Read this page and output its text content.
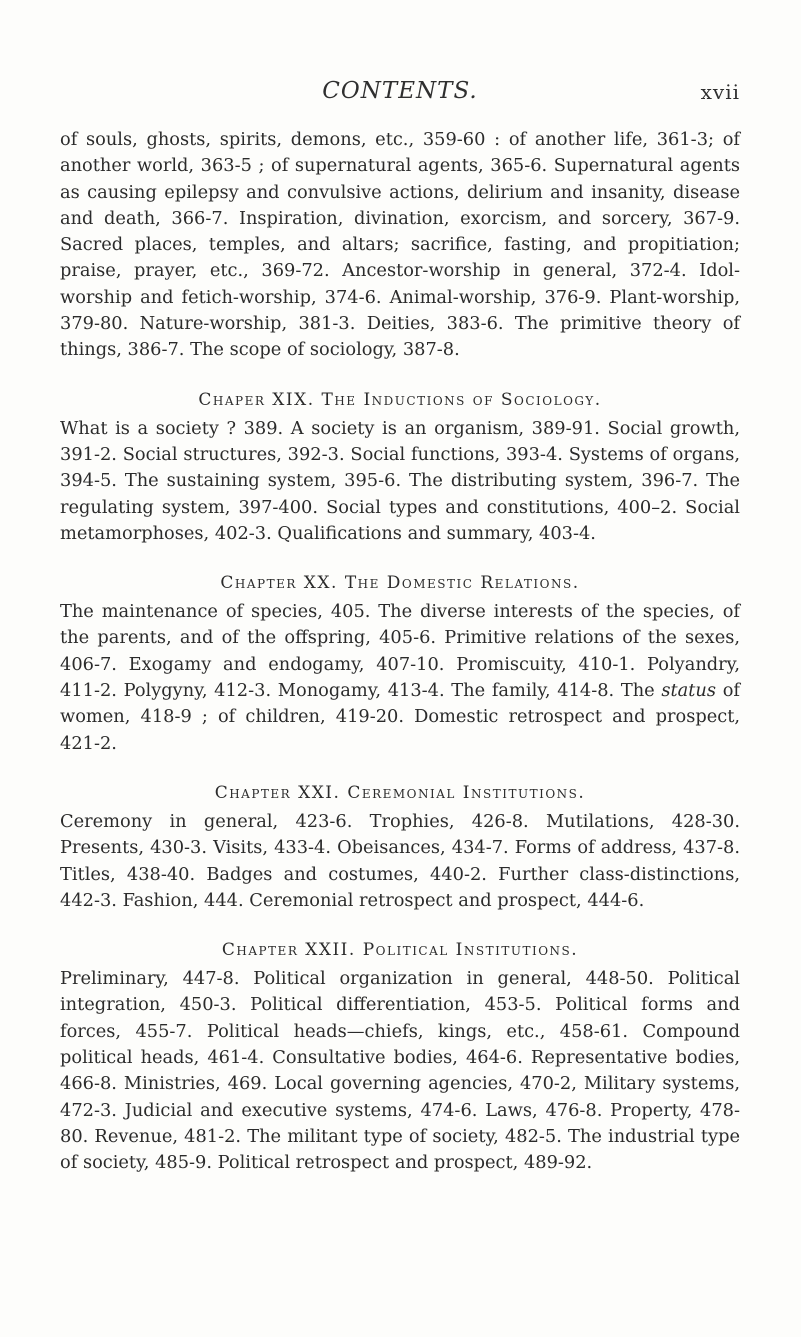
CONTENTS.	xvii

of souls, ghosts, spirits, demons, etc., 359-60 : of another life, 361-3; of another world, 363-5 ; of supernatural agents, 365-6. Supernatural agents as causing epilepsy and convulsive actions, delirium and insanity, disease and death, 366-7. Inspiration, divination, exorcism, and sorcery, 367-9. Sacred places, temples, and altars; sacrifice, fasting, and propitiation; praise, prayer, etc., 369-72. Ancestor-worship in general, 372-4. Idol-worship and fetich-worship, 374-6. Animal-worship, 376-9. Plant-worship, 379-80. Nature-worship, 381-3. Deities, 383-6. The primitive theory of things, 386-7. The scope of sociology, 387-8.

Chaper XIX. The Inductions of Sociology.

What is a society ? 389. A society is an organism, 389-91. Social growth, 391-2. Social structures, 392-3. Social functions, 393-4. Systems of organs, 394-5. The sustaining system, 395-6. The distributing system, 396-7. The regulating system, 397-400. Social types and constitutions, 400–2. Social metamorphoses, 402-3. Qualifications and summary, 403-4.

Chapter XX. The Domestic Relations.

The maintenance of species, 405. The diverse interests of the species, of the parents, and of the offspring, 405-6. Primitive relations of the sexes, 406-7. Exogamy and endogamy, 407-10. Promiscuity, 410-1. Polyandry, 411-2. Polygyny, 412-3. Monogamy, 413-4. The family, 414-8. The status of women, 418-9 ; of children, 419-20. Domestic retrospect and prospect, 421-2.

Chapter XXI. Ceremonial Institutions.

Ceremony in general, 423-6. Trophies, 426-8. Mutilations, 428-30. Presents, 430-3. Visits, 433-4. Obeisances, 434-7. Forms of address, 437-8. Titles, 438-40. Badges and costumes, 440-2. Further class-distinctions, 442-3. Fashion, 444. Ceremonial retrospect and prospect, 444-6.

Chapter XXII. Political Institutions.

Preliminary, 447-8. Political organization in general, 448-50. Political integration, 450-3. Political differentiation, 453-5. Political forms and forces, 455-7. Political heads—chiefs, kings, etc., 458-61. Compound political heads, 461-4. Consultative bodies, 464-6. Representative bodies, 466-8. Ministries, 469. Local governing agencies, 470-2, Military systems, 472-3. Judicial and executive systems, 474-6. Laws, 476-8. Property, 478-80. Revenue, 481-2. The militant type of society, 482-5. The industrial type of society, 485-9. Political retrospect and prospect, 489-92.
